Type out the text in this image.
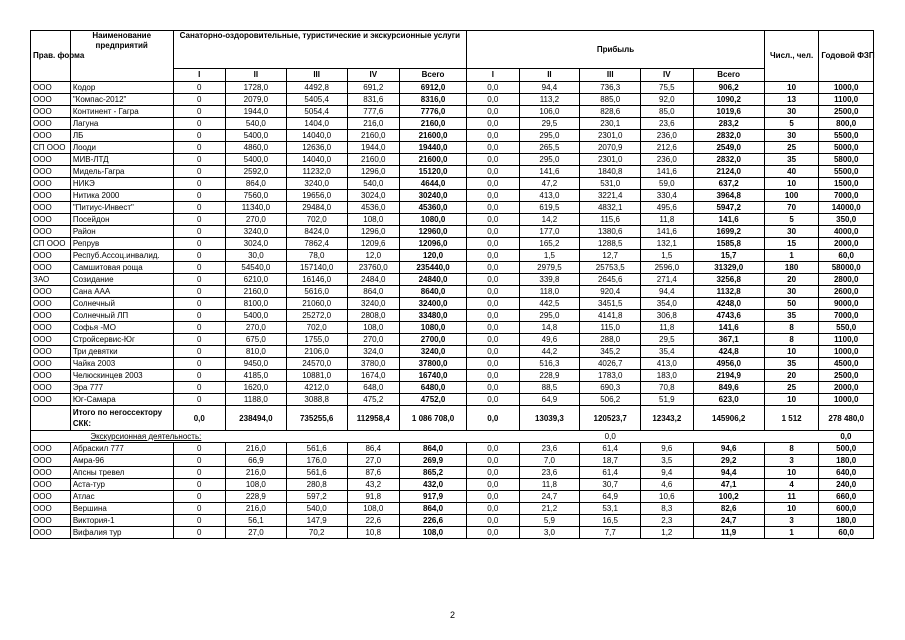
Прав. форма	Наименование предприятий	Санаторно-оздоровительные, туристические и экскурсионные услуги					Прибыль					Числ., чел.	Годовой ФЗП
		I	II	III	IV	Всего	I	II	III	IV	Всего		
ООО	Кодор	0	1728,0	4492,8	691,2	6912,0	0,0	94,4	736,3	75,5	906,2	10	1000,0
ООО	"Компас-2012"	0	2079,0	5405,4	831,6	8316,0	0,0	113,2	885,0	92,0	1090,2	13	1100,0
ООО	Континент - Гагра	0	1944,0	5054,4	777,6	7776,0	0,0	106,0	828,6	85,0	1019,6	30	2500,0
ООО	Лагуна	0	540,0	1404,0	216,0	2160,0	0,0	29,5	230,1	23,6	283,2	5	800,0
ООО	ЛБ	0	5400,0	14040,0	2160,0	21600,0	0,0	295,0	2301,0	236,0	2832,0	30	5500,0
СП ООО	Лооди	0	4860,0	12636,0	1944,0	19440,0	0,0	265,5	2070,9	212,6	2549,0	25	5000,0
ООО	МИВ-ЛТД	0	5400,0	14040,0	2160,0	21600,0	0,0	295,0	2301,0	236,0	2832,0	35	5800,0
ООО	Мидель-Гагра	0	2592,0	11232,0	1296,0	15120,0	0,0	141,6	1840,8	141,6	2124,0	40	5500,0
ООО	НИКЭ	0	864,0	3240,0	540,0	4644,0	0,0	47,2	531,0	59,0	637,2	10	1500,0
ООО	Нитика 2000	0	7560,0	19656,0	3024,0	30240,0	0,0	413,0	3221,4	330,4	3964,8	100	7000,0
ООО	"Питиус-Инвест"	0	11340,0	29484,0	4536,0	45360,0	0,0	619,5	4832,1	495,6	5947,2	70	14000,0
ООО	Посейдон	0	270,0	702,0	108,0	1080,0	0,0	14,2	115,6	11,8	141,6	5	350,0
ООО	Район	0	3240,0	8424,0	1296,0	12960,0	0,0	177,0	1380,6	141,6	1699,2	30	4000,0
СП ООО	Репрув	0	3024,0	7862,4	1209,6	12096,0	0,0	165,2	1288,5	132,1	1585,8	15	2000,0
ООО	Респуб.Ассоц.инвалид.	0	30,0	78,0	12,0	120,0	0,0	1,5	12,7	1,5	15,7	1	60,0
ООО	Самшитовая роща	0	54540,0	157140,0	23760,0	235440,0	0,0	2979,5	25753,5	2596,0	31329,0	180	58000,0
ЗАО	Созидание	0	6210,0	16146,0	2484,0	24840,0	0,0	339,8	2645,6	271,4	3256,8	20	2800,0
ООО	Сана ААА	0	2160,0	5616,0	864,0	8640,0	0,0	118,0	920,4	94,4	1132,8	30	2600,0
ООО	Солнечный	0	8100,0	21060,0	3240,0	32400,0	0,0	442,5	3451,5	354,0	4248,0	50	9000,0
ООО	Солнечный ЛП	0	5400,0	25272,0	2808,0	33480,0	0,0	295,0	4141,8	306,8	4743,6	35	7000,0
ООО	Софья -МО	0	270,0	702,0	108,0	1080,0	0,0	14,8	115,0	11,8	141,6	8	550,0
ООО	Стройсервис-Юг	0	675,0	1755,0	270,0	2700,0	0,0	49,6	288,0	29,5	367,1	8	1100,0
ООО	Три девятки	0	810,0	2106,0	324,0	3240,0	0,0	44,2	345,2	35,4	424,8	10	1000,0
ООО	Чайка 2003	0	9450,0	24570,0	3780,0	37800,0	0,0	516,3	4026,7	413,0	4956,0	35	4500,0
ООО	Челюскинцев 2003	0	4185,0	10881,0	1674,0	16740,0	0,0	228,9	1783,0	183,0	2194,9	20	2500,0
ООО	Эра 777	0	1620,0	4212,0	648,0	6480,0	0,0	88,5	690,3	70,8	849,6	25	2000,0
ООО	Юг-Самара	0	1188,0	3088,8	475,2	4752,0	0,0	64,9	506,2	51,9	623,0	10	1000,0
	Итого по негоссектору СКК:	0,0	238494,0	735255,6	112958,4	1 086 708,0	0,0	13039,3	120523,7	12343,2	145906,2	1 512	278 480,0
	Экскурсионная деятельность:								0,0				0,0
ООО	Абраскил 777	0	216,0	561,6	86,4	864,0	0,0	23,6	61,4	9,6	94,6	8	500,0
ООО	Амра-96	0	66,9	176,0	27,0	269,9	0,0	7,0	18,7	3,5	29,2	3	180,0
ООО	Апсны тревел	0	216,0	561,6	87,6	865,2	0,0	23,6	61,4	9,4	94,4	10	640,0
ООО	Аста-тур	0	108,0	280,8	43,2	432,0	0,0	11,8	30,7	4,6	47,1	4	240,0
ООО	Атлас	0	228,9	597,2	91,8	917,9	0,0	24,7	64,9	10,6	100,2	11	660,0
ООО	Вершина	0	216,0	540,0	108,0	864,0	0,0	21,2	53,1	8,3	82,6	10	600,0
ООО	Виктория-1	0	56,1	147,9	22,6	226,6	0,0	5,9	16,5	2,3	24,7	3	180,0
ООО	Вифалия тур	0	27,0	70,2	10,8	108,0	0,0	3,0	7,7	1,2	11,9	1	60,0
2
